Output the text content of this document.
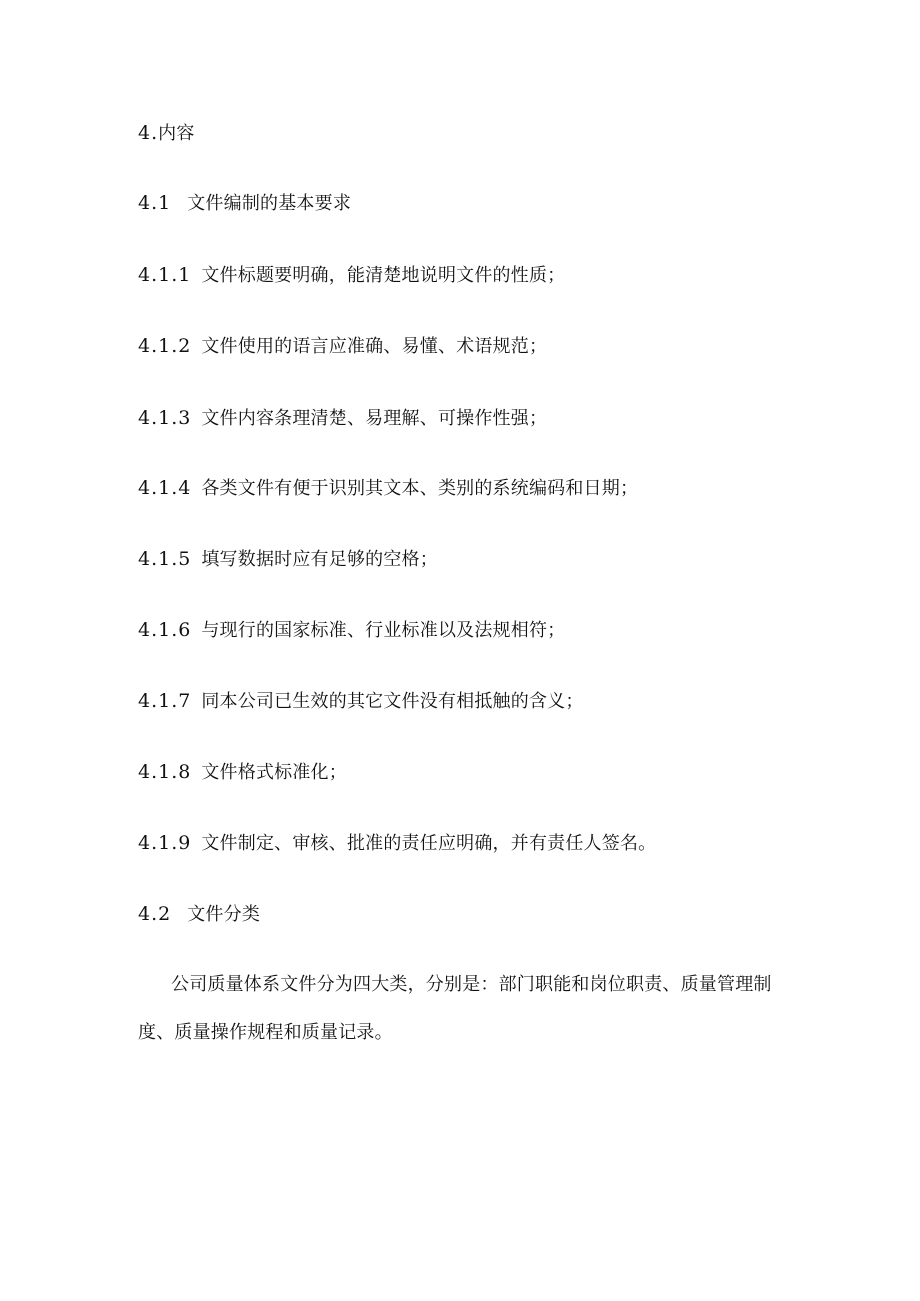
4.内容
4.1 文件编制的基本要求
4.1.1 文件标题要明确，能清楚地说明文件的性质；
4.1.2 文件使用的语言应准确、易懂、术语规范；
4.1.3 文件内容条理清楚、易理解、可操作性强；
4.1.4 各类文件有便于识别其文本、类别的系统编码和日期；
4.1.5 填写数据时应有足够的空格；
4.1.6 与现行的国家标准、行业标准以及法规相符；
4.1.7 同本公司已生效的其它文件没有相抵触的含义；
4.1.8 文件格式标准化；
4.1.9 文件制定、审核、批准的责任应明确，并有责任人签名。
4.2 文件分类
公司质量体系文件分为四大类，分别是：部门职能和岗位职责、质量管理制度、质量操作规程和质量记录。
